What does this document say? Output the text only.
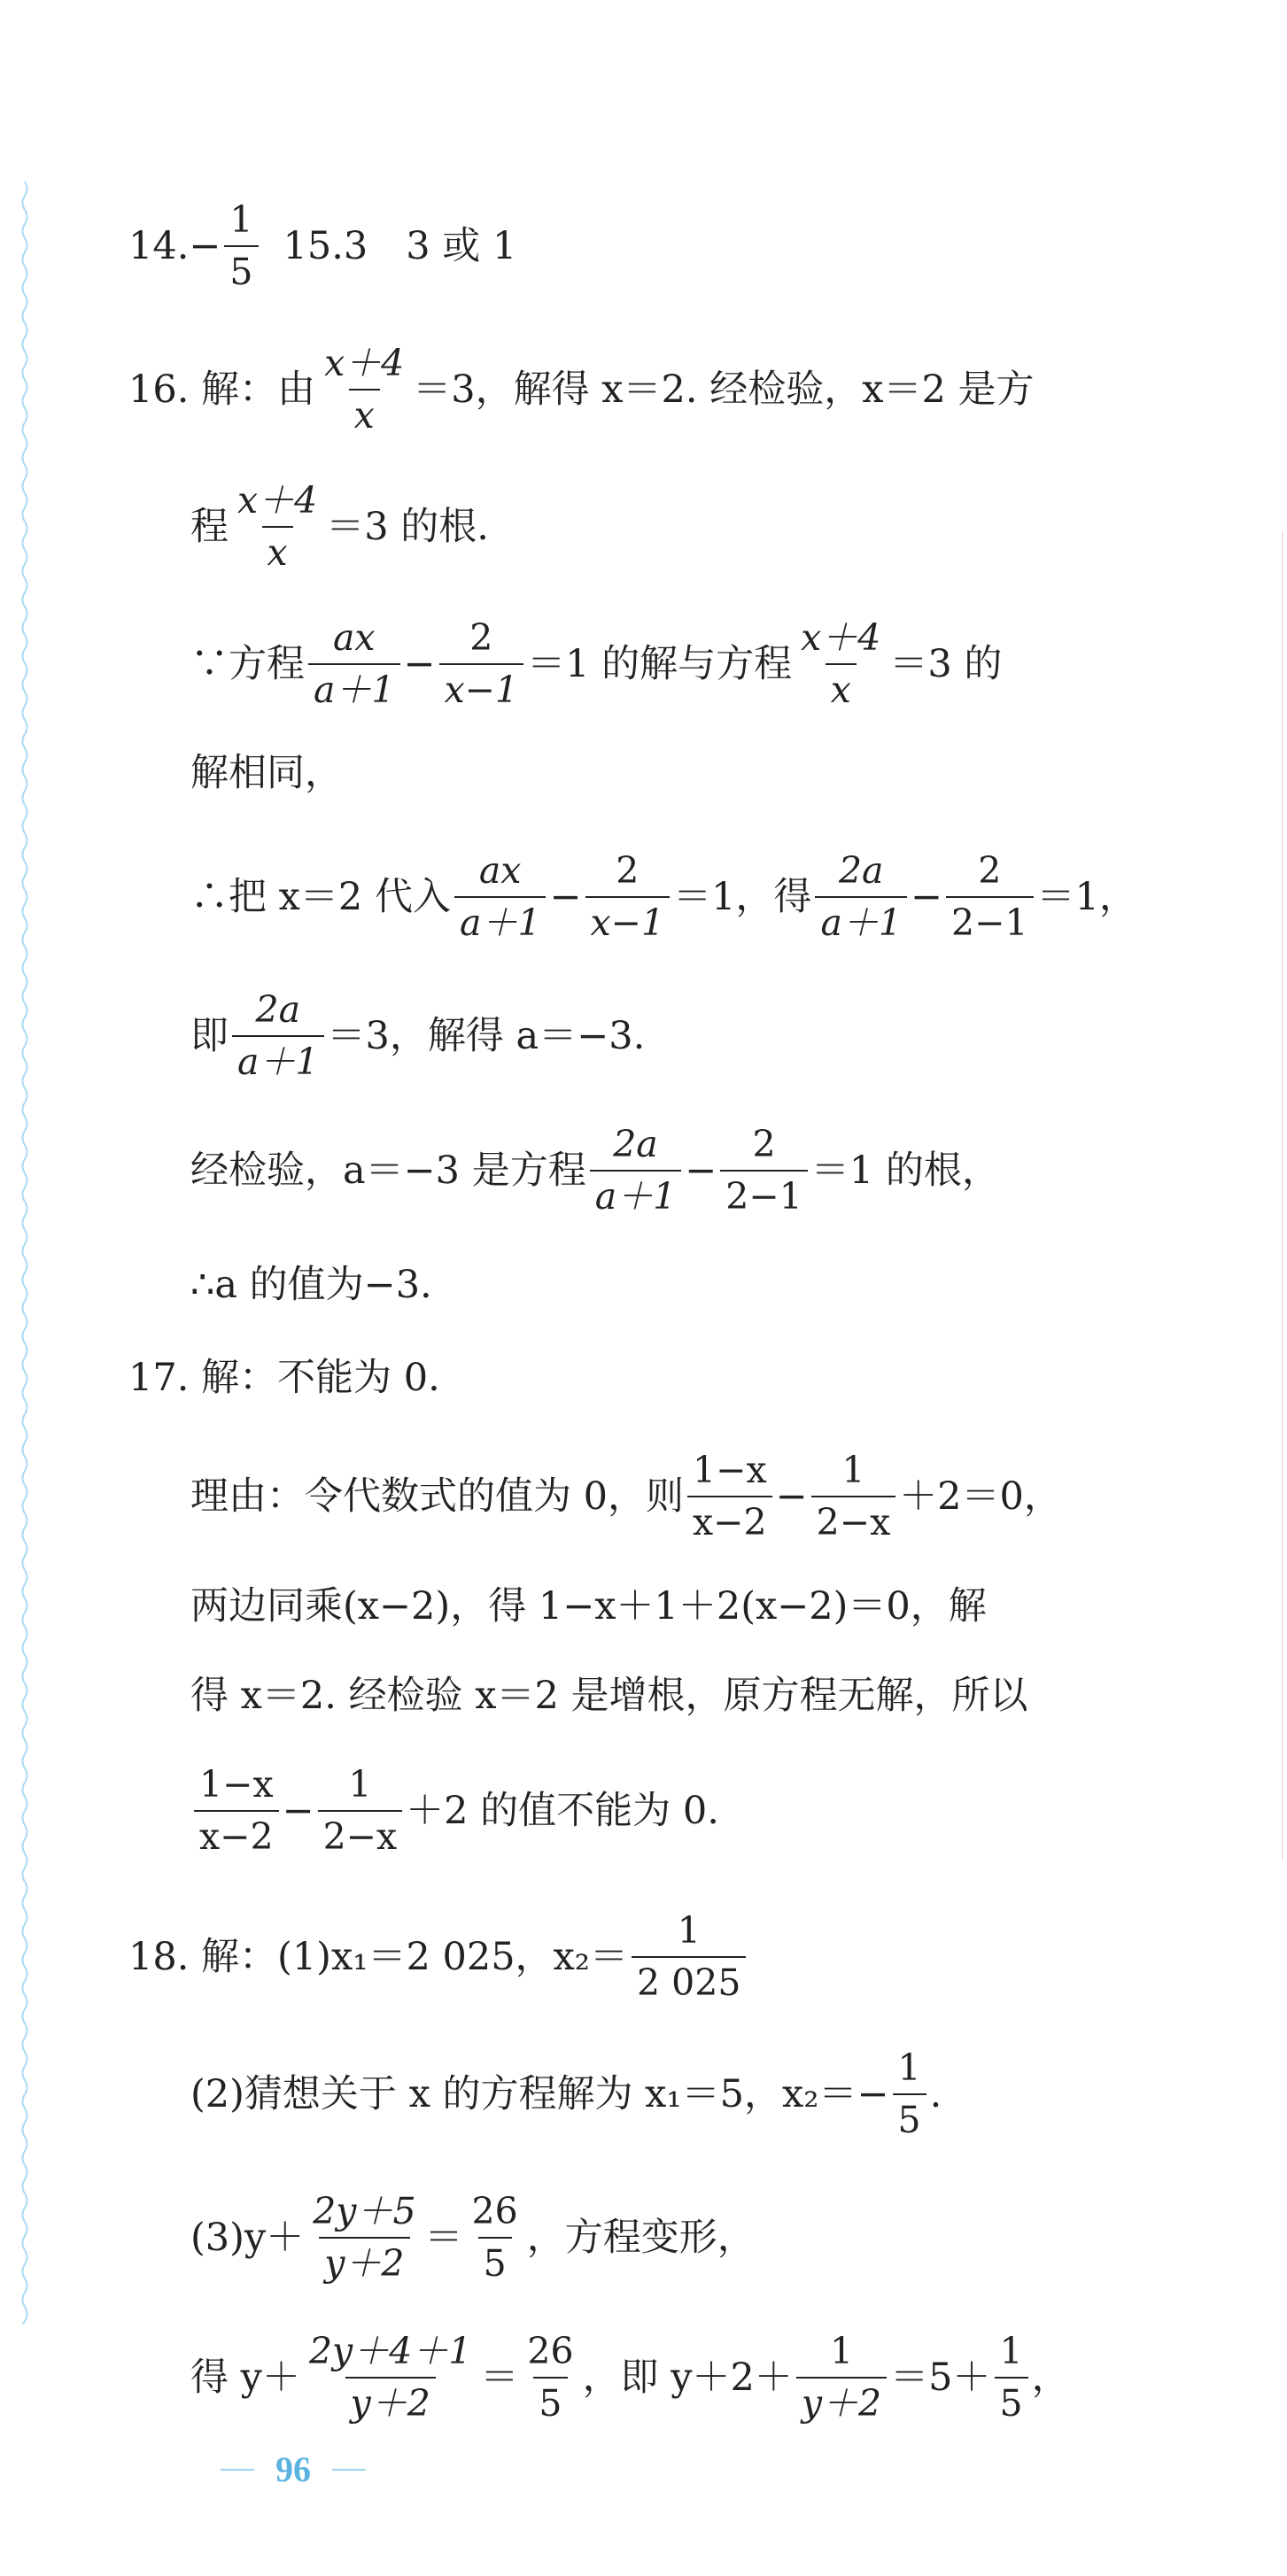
14. − $\frac{1}{5} 15.3$　3 或 1
16. 解：由 $\frac{x+4}{x} =3$，解得 x＝2. 经检验，x＝2 是方
程 $\frac{x+4}{x} =3$ 的根.
∵方程 $\frac{ax}{a+1} - \frac{2}{x-1} =1$ 的解与方程 $\frac{x+4}{x} =3$ 的
解相同，
∴把 x＝2 代入 $\frac{ax}{a+1} - \frac{2}{x-1} =1$，得 $\frac{2a}{a+1} - \frac{2}{2-1} =1$，
即 $\frac{2a}{a+1} =3$，解得 a＝−3.
经检验，a＝−3 是方程 $\frac{2a}{a+1} - \frac{2}{2-1} =1$ 的根，
∴a 的值为−3.
17. 解：不能为 0.
理由：令代数式的值为 0，则 $\frac{1-x}{x-2} - \frac{1}{2-x} +2=0$，
两边同乘(x−2)，得 1−x＋1＋2(x−2)＝0，解
得 x＝2. 经检验 x＝2 是增根，原方程无解，所以
$\frac{1-x}{x-2} - \frac{1}{2-x} +2$ 的值不能为 0.
18. 解：(1)x₁＝2 025，$x_2= \frac{1}{2 025}$
(2)猜想关于 x 的方程解为 x₁＝5，$x_2=- \frac{1}{5}$ .
$(3)y+ \frac{2y+5}{y+2} = \frac{26}{5}$ ，方程变形，
得 $y+ \frac{2y+4+1}{y+2} = \frac{26}{5}$ ，即 $y+2+ \frac{1}{y+2} =5+ \frac{1}{5}$ ，
96
